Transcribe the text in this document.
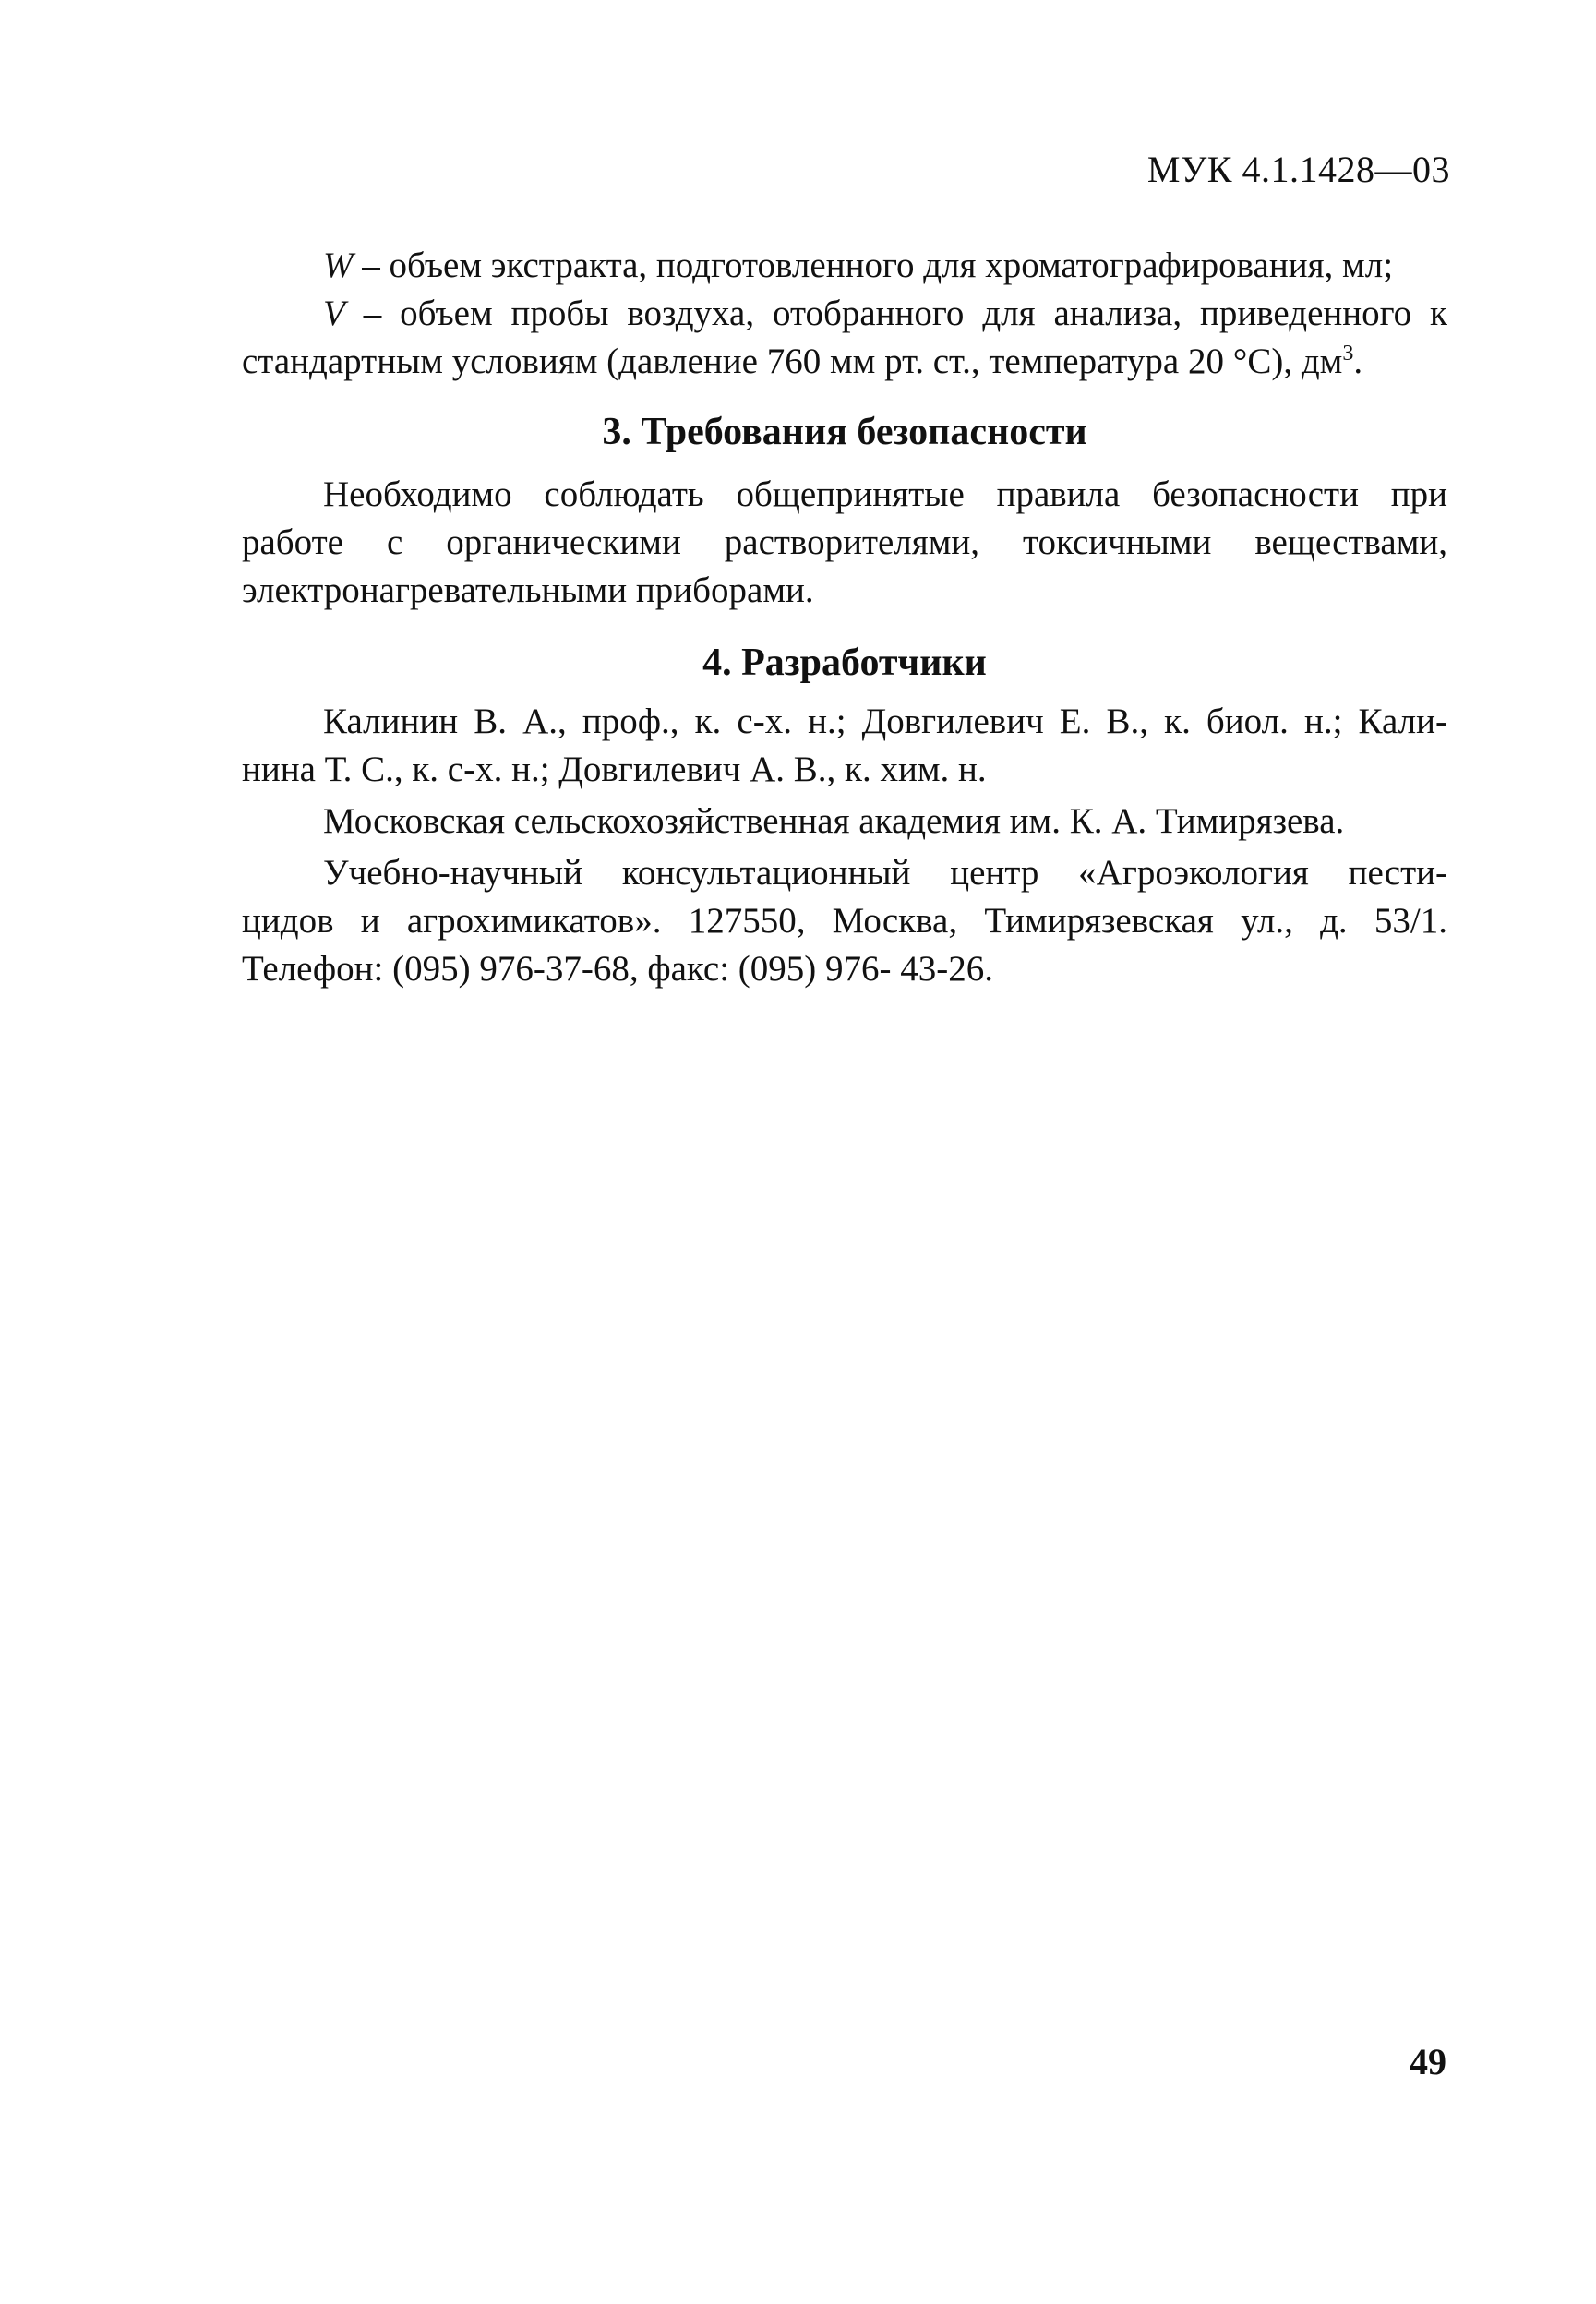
МУК 4.1.1428—03

W – объем экстракта, подготовленного для хроматографирования, мл;

V – объем пробы воздуха, отобранного для анализа, приведенного к

стандартным условиям (давление 760 мм рт. ст., температура 20 °С), $дм^3$.

3. Требования безопасности

Необходимо соблюдать общепринятые правила безопасности при

работе с органическими растворителями, токсичными веществами,

электронагревательными приборами.

4. Разработчики

Калинин В. А., проф., к. с-х. н.; Довгилевич Е. В., к. биол. н.; Кали-

нина Т. С., к. с-х. н.; Довгилевич А. В., к. хим. н.

Московская сельскохозяйственная академия им. К. А. Тимирязева.

Учебно-научный консультационный центр «Агроэкология пести-

цидов и агрохимикатов». 127550, Москва, Тимирязевская ул., д. 53/1.

Телефон: (095) 976-37-68, факс: (095) 976- 43-26.

49
